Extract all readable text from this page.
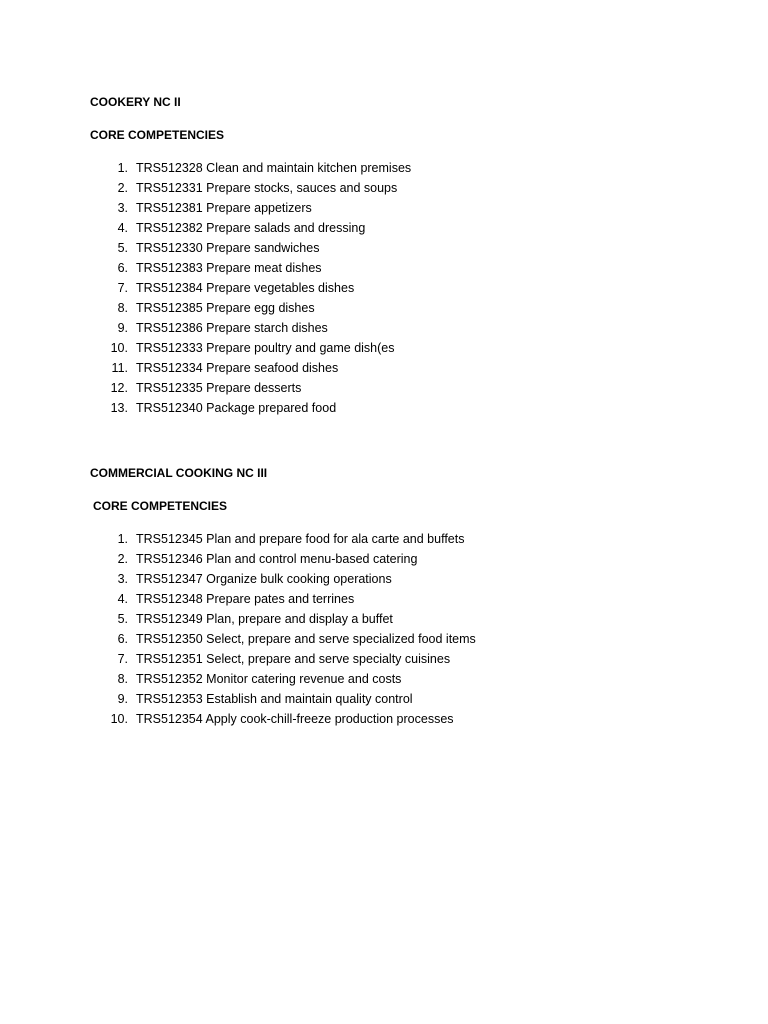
COOKERY NC II
CORE COMPETENCIES
1. TRS512328 Clean and maintain kitchen premises
2. TRS512331 Prepare stocks, sauces and soups
3. TRS512381 Prepare appetizers
4. TRS512382 Prepare salads and dressing
5. TRS512330 Prepare sandwiches
6. TRS512383 Prepare meat dishes
7. TRS512384 Prepare vegetables dishes
8. TRS512385 Prepare egg dishes
9. TRS512386 Prepare starch dishes
10. TRS512333 Prepare poultry and game dish(es
11. TRS512334 Prepare seafood dishes
12. TRS512335 Prepare desserts
13. TRS512340 Package prepared food
COMMERCIAL COOKING NC III
CORE COMPETENCIES
1. TRS512345 Plan and prepare food for ala carte and buffets
2. TRS512346 Plan and control menu-based catering
3. TRS512347 Organize bulk cooking operations
4. TRS512348 Prepare pates and terrines
5. TRS512349 Plan, prepare and display a buffet
6. TRS512350 Select, prepare and serve specialized food items
7. TRS512351 Select, prepare and serve specialty cuisines
8. TRS512352 Monitor catering revenue and costs
9. TRS512353 Establish and maintain quality control
10. TRS512354 Apply cook-chill-freeze production processes
